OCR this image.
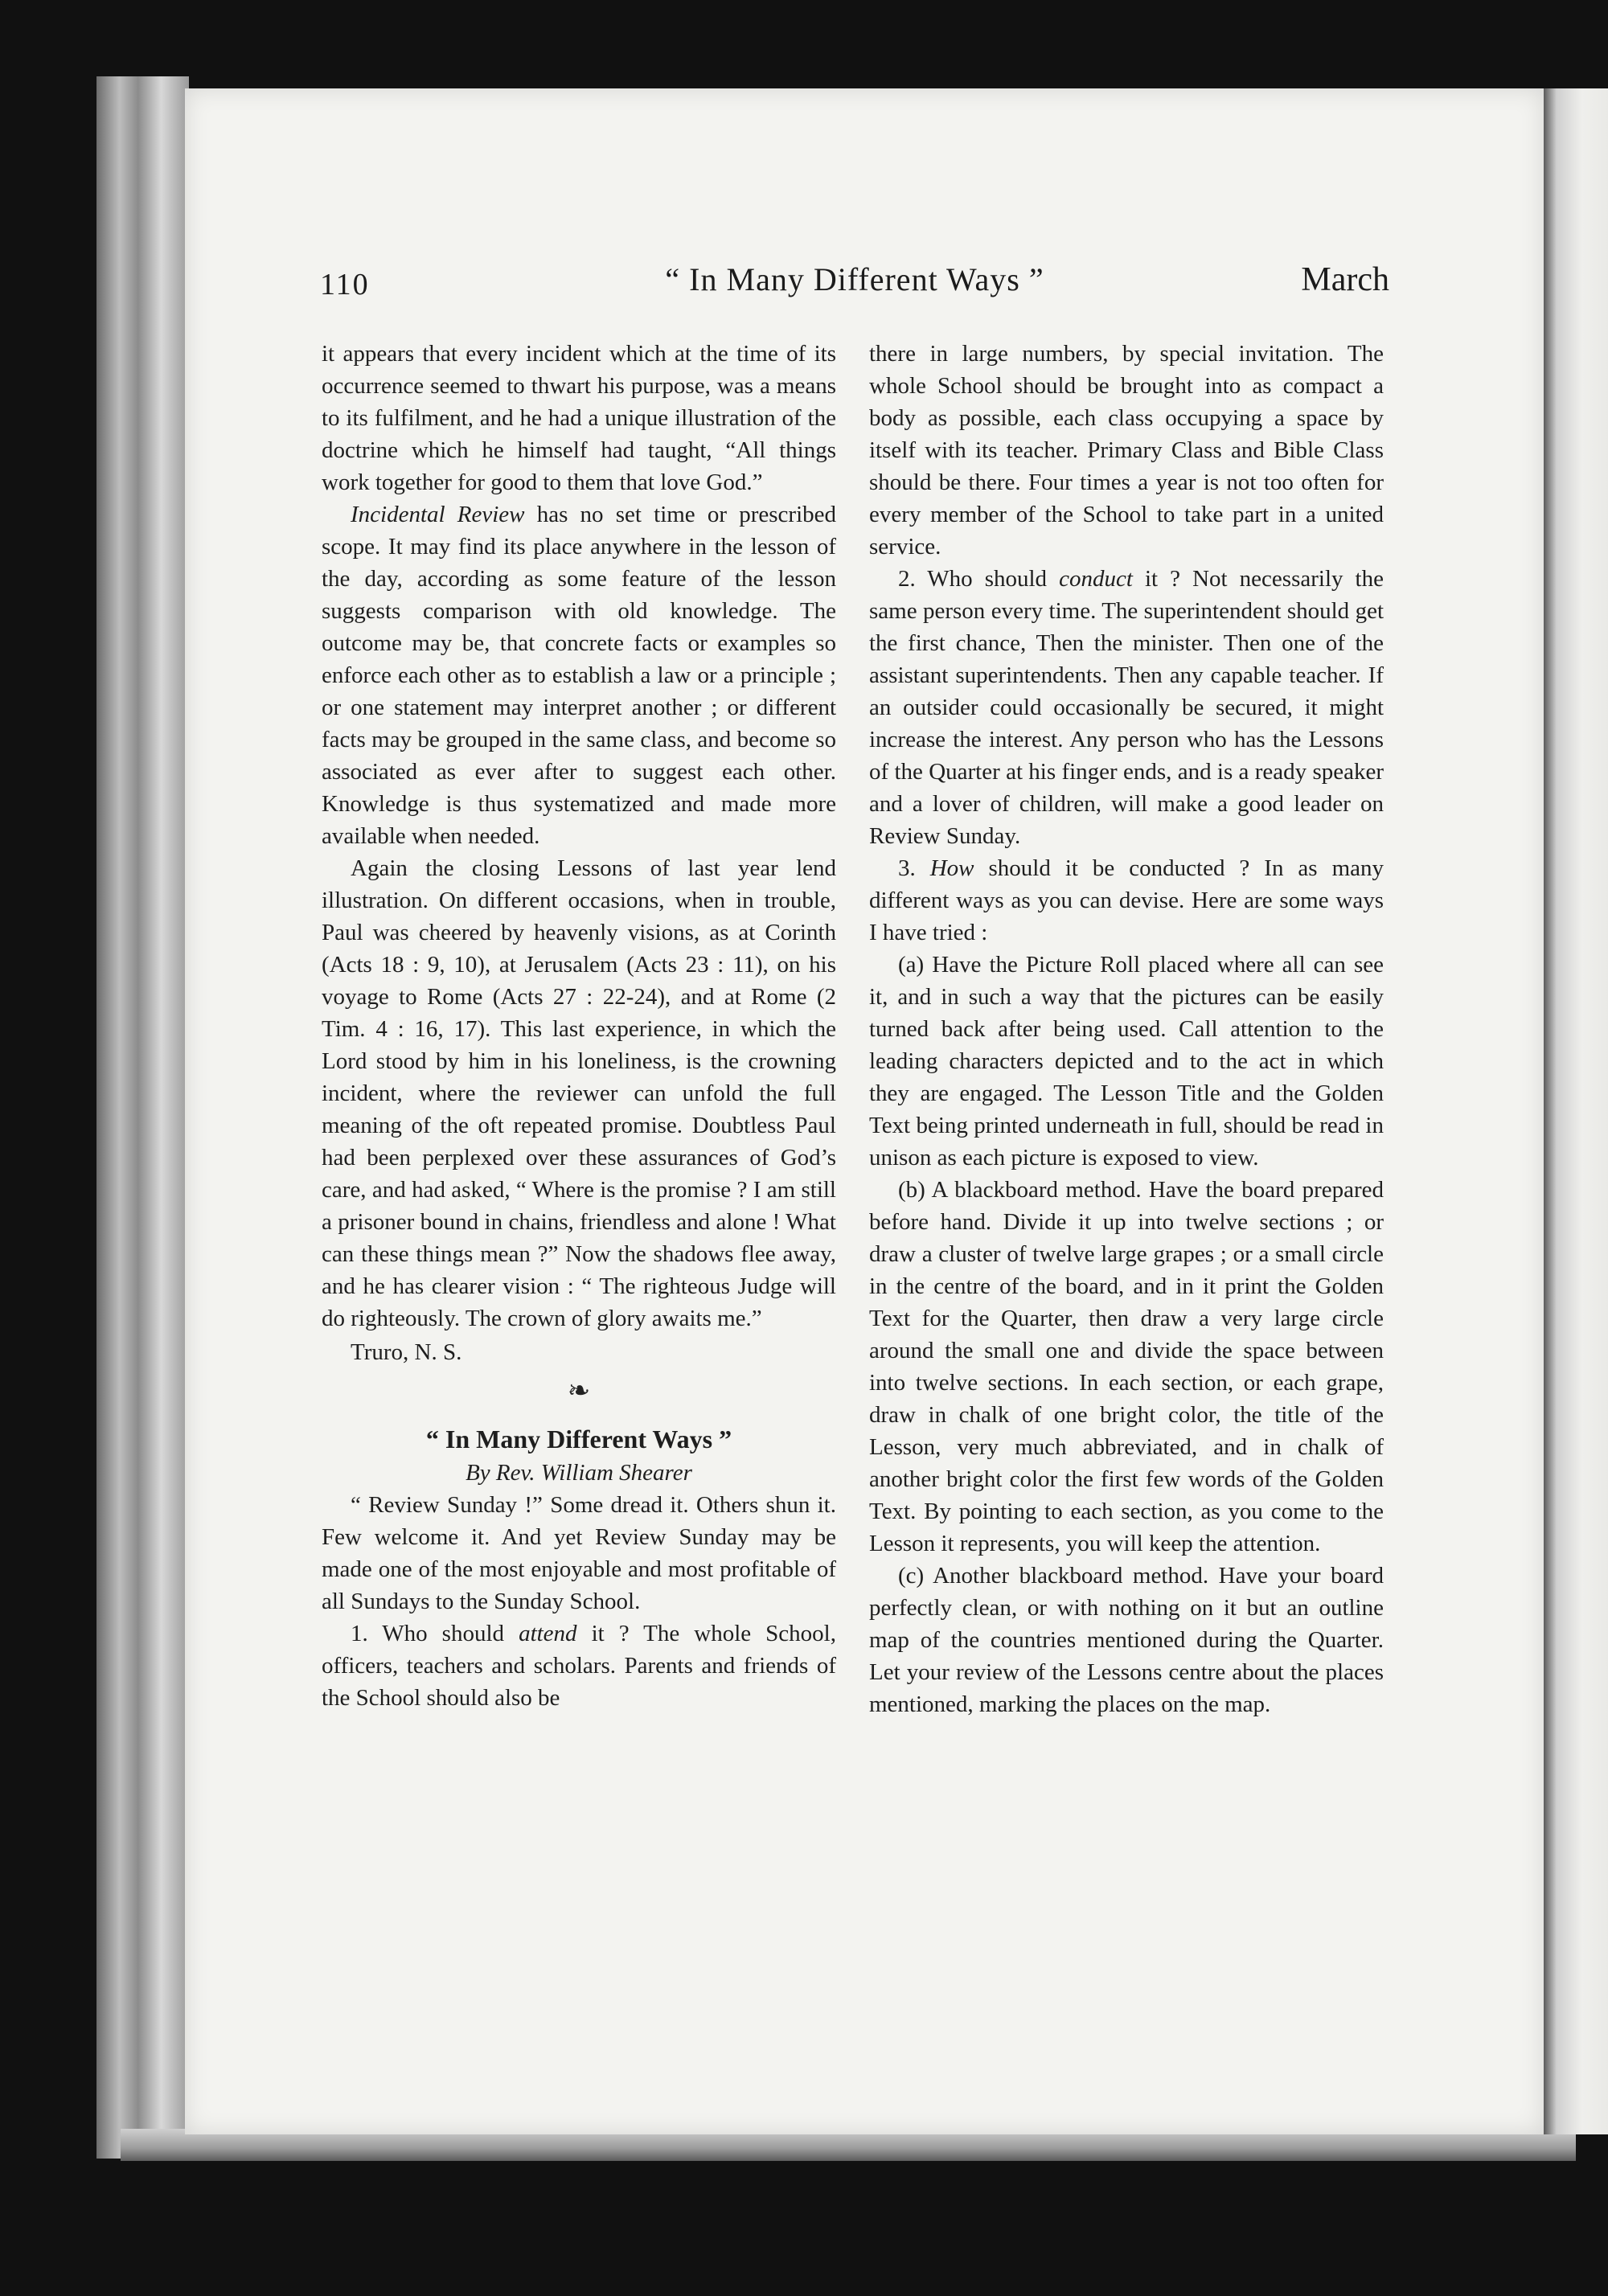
110	“ In Many Different Ways ”	March

it appears that every incident which at the time of its occurrence seemed to thwart his purpose, was a means to its fulfilment, and he had a unique illustration of the doctrine which he himself had taught, “All things work together for good to them that love God.”

Incidental Review has no set time or prescribed scope. It may find its place anywhere in the lesson of the day, according as some feature of the lesson suggests comparison with old knowledge. The outcome may be, that concrete facts or examples so enforce each other as to establish a law or a principle ; or one statement may interpret another ; or different facts may be grouped in the same class, and become so associated as ever after to suggest each other. Knowledge is thus systematized and made more available when needed.

Again the closing Lessons of last year lend illustration. On different occasions, when in trouble, Paul was cheered by heavenly visions, as at Corinth (Acts 18 : 9, 10), at Jerusalem (Acts 23 : 11), on his voyage to Rome (Acts 27 : 22-24), and at Rome (2 Tim. 4 : 16, 17). This last experience, in which the Lord stood by him in his loneliness, is the crowning incident, where the reviewer can unfold the full meaning of the oft repeated promise. Doubtless Paul had been perplexed over these assurances of God’s care, and had asked, “ Where is the promise ? I am still a prisoner bound in chains, friendless and alone ! What can these things mean ?” Now the shadows flee away, and he has clearer vision : “ The righteous Judge will do righteously. The crown of glory awaits me.”

Truro, N. S.
❧
“ In Many Different Ways ”
By Rev. William Shearer

“ Review Sunday !” Some dread it. Others shun it. Few welcome it. And yet Review Sunday may be made one of the most enjoyable and most profitable of all Sundays to the Sunday School.

1. Who should attend it ? The whole School, officers, teachers and scholars. Parents and friends of the School should also be

there in large numbers, by special invitation. The whole School should be brought into as compact a body as possible, each class occupying a space by itself with its teacher. Primary Class and Bible Class should be there. Four times a year is not too often for every member of the School to take part in a united service.

2. Who should conduct it ? Not necessarily the same person every time. The superintendent should get the first chance, Then the minister. Then one of the assistant superintendents. Then any capable teacher. If an outsider could occasionally be secured, it might increase the interest. Any person who has the Lessons of the Quarter at his finger ends, and is a ready speaker and a lover of children, will make a good leader on Review Sunday.

3. How should it be conducted ? In as many different ways as you can devise. Here are some ways I have tried :

(a) Have the Picture Roll placed where all can see it, and in such a way that the pictures can be easily turned back after being used. Call attention to the leading characters depicted and to the act in which they are engaged. The Lesson Title and the Golden Text being printed underneath in full, should be read in unison as each picture is exposed to view.

(b) A blackboard method. Have the board prepared before hand. Divide it up into twelve sections ; or draw a cluster of twelve large grapes ; or a small circle in the centre of the board, and in it print the Golden Text for the Quarter, then draw a very large circle around the small one and divide the space between into twelve sections. In each section, or each grape, draw in chalk of one bright color, the title of the Lesson, very much abbreviated, and in chalk of another bright color the first few words of the Golden Text. By pointing to each section, as you come to the Lesson it represents, you will keep the attention.

(c) Another blackboard method. Have your board perfectly clean, or with nothing on it but an outline map of the countries mentioned during the Quarter. Let your review of the Lessons centre about the places mentioned, marking the places on the map.
